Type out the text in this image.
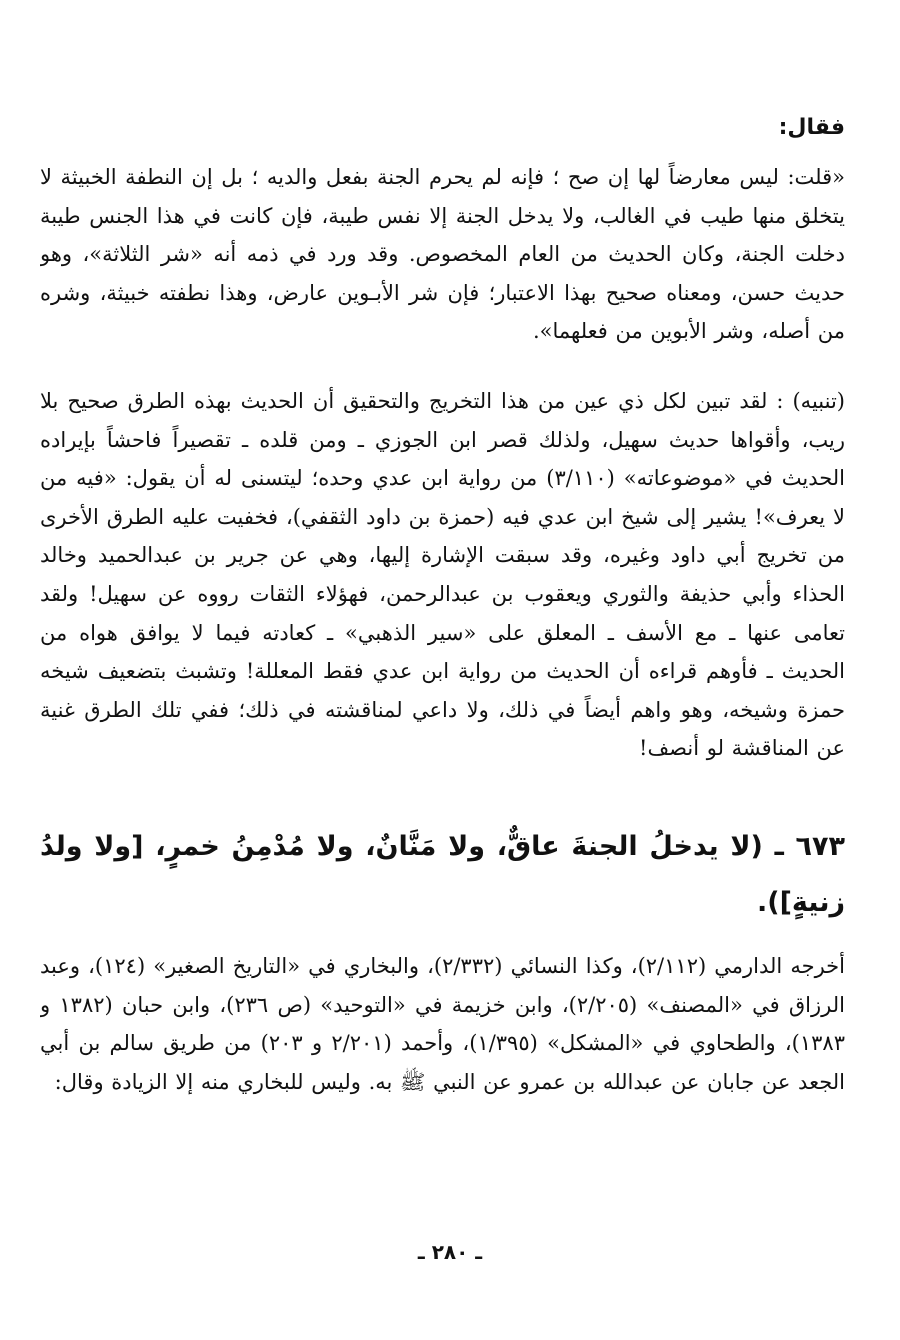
فقال:

«قلت: ليس معارضاً لها إن صح ؛ فإنه لم يحرم الجنة بفعل والديه ؛ بل إن النطفة الخبيثة لا يتخلق منها طيب في الغالب، ولا يدخل الجنة إلا نفس طيبة، فإن كانت في هذا الجنس طيبة دخلت الجنة، وكان الحديث من العام المخصوص. وقد ورد في ذمه أنه «شر الثلاثة»، وهو حديث حسن، ومعناه صحيح بهذا الاعتبار؛ فإن شر الأبـوين عارض، وهذا نطفته خبيثة، وشره من أصله، وشر الأبوين من فعلهما».

(تنبيه) : لقد تبين لكل ذي عين من هذا التخريج والتحقيق أن الحديث بهذه الطرق صحيح بلا ريب، وأقواها حديث سهيل، ولذلك قصر ابن الجوزي ـ ومن قلده ـ تقصيراً فاحشاً بإيراده الحديث في «موضوعاته» (٣/١١٠) من رواية ابن عدي وحده؛ ليتسنى له أن يقول: «فيه من لا يعرف»! يشير إلى شيخ ابن عدي فيه (حمزة بن داود الثقفي)، فخفيت عليه الطرق الأخرى من تخريج أبي داود وغيره، وقد سبقت الإشارة إليها، وهي عن جرير بن عبدالحميد وخالد الحذاء وأبي حذيفة والثوري ويعقوب بن عبدالرحمن، فهؤلاء الثقات رووه عن سهيل! ولقد تعامى عنها ـ مع الأسف ـ المعلق على «سير الذهبي» ـ كعادته فيما لا يوافق هواه من الحديث ـ فأوهم قراءه أن الحديث من رواية ابن عدي فقط المعللة! وتشبث بتضعيف شيخه حمزة وشيخه، وهو واهم أيضاً في ذلك، ولا داعي لمناقشته في ذلك؛ ففي تلك الطرق غنية عن المناقشة لو أنصف!

٦٧٣ ـ (لا يدخلُ الجنةَ عاقٌّ، ولا مَنَّانٌ، ولا مُدْمِنُ خمرٍ، [ولا ولدُ زنيةٍ]).

أخرجه الدارمي (٢/١١٢)، وكذا النسائي (٢/٣٣٢)، والبخاري في «التاريخ الصغير» (١٢٤)، وعبد الرزاق في «المصنف» (٢/٢٠٥)، وابن خزيمة في «التوحيد» (ص ٢٣٦)، وابن حبان (١٣٨٢ و ١٣٨٣)، والطحاوي في «المشكل» (١/٣٩٥)، وأحمد (٢/٢٠١ و ٢٠٣) من طريق سالم بن أبي الجعد عن جابان عن عبدالله بن عمرو عن النبي ﷺ به. وليس للبخاري منه إلا الزيادة وقال:

ـ ٢٨٠ ـ
